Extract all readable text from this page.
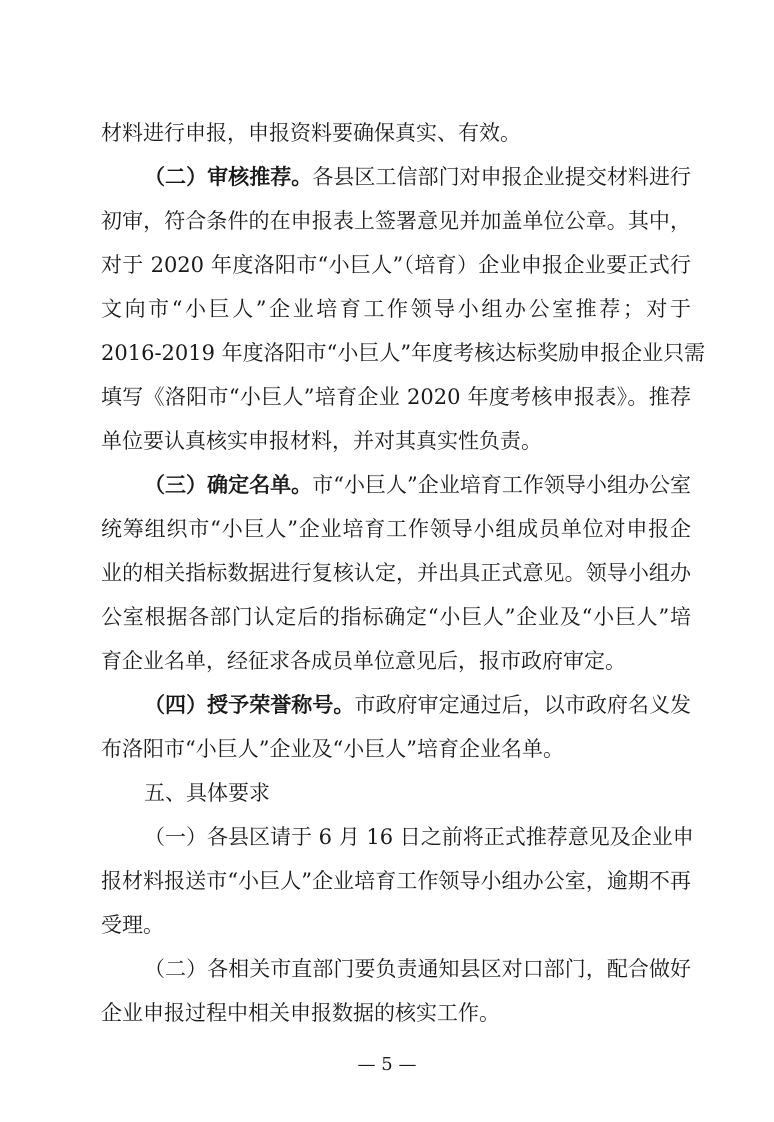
材料进行申报，申报资料要确保真实、有效。
（二）审核推荐。各县区工信部门对申报企业提交材料进行
初审，符合条件的在申报表上签署意见并加盖单位公章。其中，
对于 2020 年度洛阳市“小巨人”（培育）企业申报企业要正式行
文向市“小巨人”企业培育工作领导小组办公室推荐；对于
2016-2019 年度洛阳市“小巨人”年度考核达标奖励申报企业只需
填写《洛阳市“小巨人”培育企业 2020 年度考核申报表》。推荐
单位要认真核实申报材料，并对其真实性负责。
（三）确定名单。市“小巨人”企业培育工作领导小组办公室
统筹组织市“小巨人”企业培育工作领导小组成员单位对申报企
业的相关指标数据进行复核认定，并出具正式意见。领导小组办
公室根据各部门认定后的指标确定“小巨人”企业及“小巨人”培
育企业名单，经征求各成员单位意见后，报市政府审定。
（四）授予荣誉称号。市政府审定通过后，以市政府名义发
布洛阳市“小巨人”企业及“小巨人”培育企业名单。
五、具体要求
（一）各县区请于 6 月 16 日之前将正式推荐意见及企业申
报材料报送市“小巨人”企业培育工作领导小组办公室，逾期不再
受理。
（二）各相关市直部门要负责通知县区对口部门，配合做好
企业申报过程中相关申报数据的核实工作。
— 5 —
